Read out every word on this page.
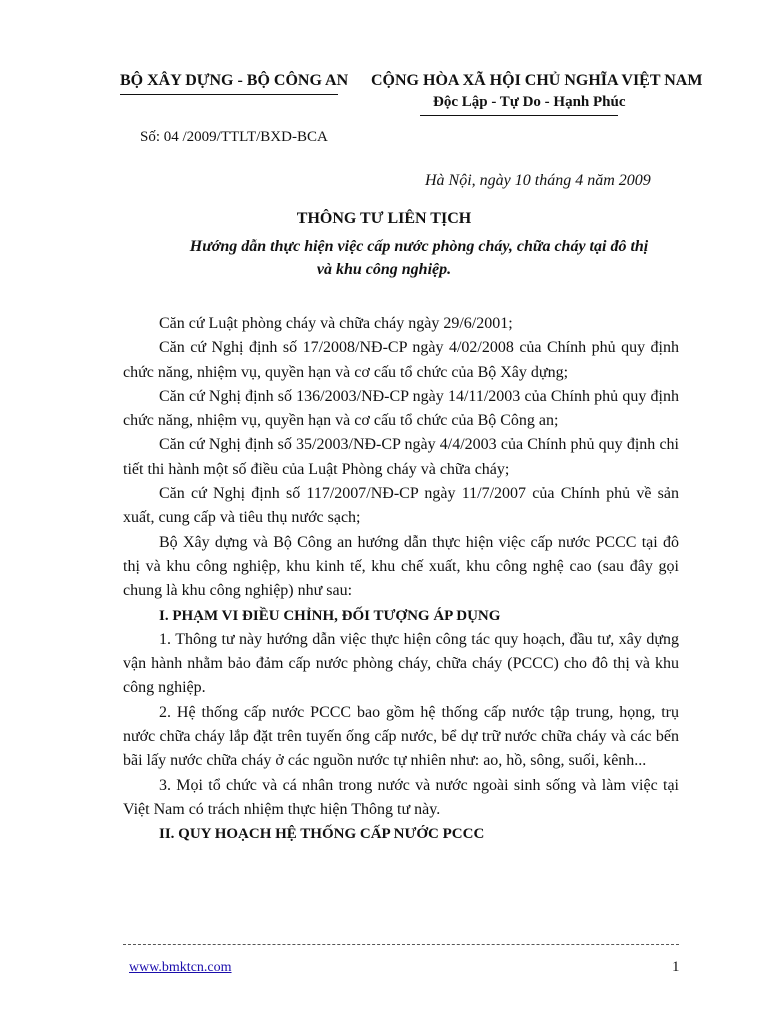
BỘ XÂY DỰNG - BỘ CÔNG AN CỘNG HÒA XÃ HỘI CHỦ NGHĨA VIỆT NAM
Độc Lập - Tự Do - Hạnh Phúc
Số: 04 /2009/TTLT/BXD-BCA
Hà Nội, ngày 10 tháng 4 năm 2009
THÔNG TƯ LIÊN TỊCH
Hướng dẫn thực hiện việc cấp nước phòng cháy, chữa cháy tại đô thị
và khu công nghiệp.

Căn cứ Luật phòng cháy và chữa cháy ngày 29/6/2001;

Căn cứ Nghị định số 17/2008/NĐ-CP ngày 4/02/2008 của Chính phủ quy định chức năng, nhiệm vụ, quyền hạn và cơ cấu tổ chức của Bộ Xây dựng;

Căn cứ Nghị định số 136/2003/NĐ-CP ngày 14/11/2003 của Chính phủ quy định chức năng, nhiệm vụ, quyền hạn và cơ cấu tổ chức của Bộ Công an;

Căn cứ Nghị định số 35/2003/NĐ-CP ngày 4/4/2003 của Chính phủ quy định chi tiết thi hành một số điều của Luật Phòng cháy và chữa cháy;

Căn cứ Nghị định số 117/2007/NĐ-CP ngày 11/7/2007 của Chính phủ về sản xuất, cung cấp và tiêu thụ nước sạch;

Bộ Xây dựng và Bộ Công an hướng dẫn thực hiện việc cấp nước PCCC tại đô thị và khu công nghiệp, khu kinh tế, khu chế xuất, khu công nghệ cao (sau đây gọi chung là khu công nghiệp) như sau:

I. PHẠM VI ĐIỀU CHỈNH, ĐỐI TƯỢNG ÁP DỤNG

1. Thông tư này hướng dẫn việc thực hiện công tác quy hoạch, đầu tư, xây dựng vận hành nhằm bảo đảm cấp nước phòng cháy, chữa cháy (PCCC) cho đô thị và khu công nghiệp.

2. Hệ thống cấp nước PCCC bao gồm hệ thống cấp nước tập trung, họng, trụ nước chữa cháy lắp đặt trên tuyến ống cấp nước, bể dự trữ nước chữa cháy và các bến bãi lấy nước chữa cháy ở các nguồn nước tự nhiên như: ao, hồ, sông, suối, kênh...

3. Mọi tổ chức và cá nhân trong nước và nước ngoài sinh sống và làm việc tại Việt Nam có trách nhiệm thực hiện Thông tư này.

II. QUY HOẠCH HỆ THỐNG CẤP NƯỚC PCCC

www.bmktcn.com	1
